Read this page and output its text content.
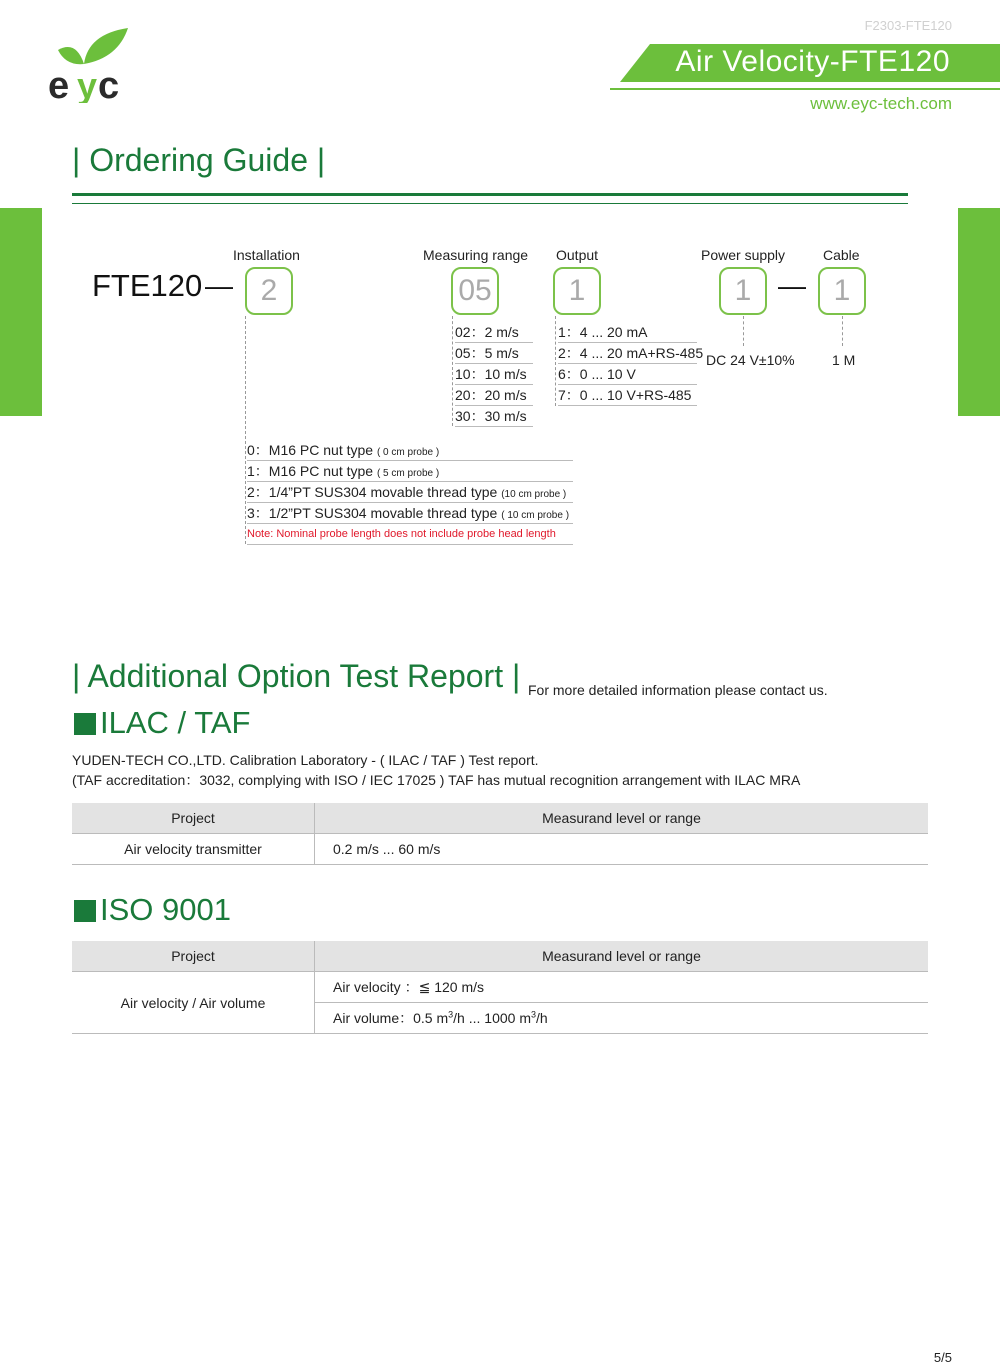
e c
y
F2303-FTE120
Air Velocity-FTE120
www.eyc-tech.com
| Ordering Guide |
Installation	Measuring range Output	Power supply	Cable
FTE120 —	—
2	05	1	1	1
02：2 m/s
05：5 m/s
10：10 m/s
20：20 m/s
30：30 m/s
1：4 ... 20 mA
2：4 ... 20 mA+RS-485
6：0 ... 10 V
7：0 ... 10 V+RS-485
DC 24 V±10%	1 M
0：M16 PC nut type ( 0 cm probe )
1：M16 PC nut type ( 5 cm probe )
2：1/4”PT SUS304 movable thread type (10 cm probe )
3：1/2”PT SUS304 movable thread type ( 10 cm probe )
Note: Nominal probe length does not include probe head length
| Additional Option Test Report | For more detailed information please contact us.
ILAC / TAF
YUDEN-TECH CO.,LTD. Calibration Laboratory - ( ILAC / TAF ) Test report.
(TAF accreditation：3032, complying with ISO / IEC 17025 ) TAF has mutual recognition arrangement with ILAC MRA
Project	Measurand level or range
Air velocity transmitter	0.2 m/s ... 60 m/s
ISO 9001
Project	Measurand level or range
Air velocity / Air volume	Air velocity ：≦ 120 m/s
	Air volume：0.5 $m^3/h$ ... 1000 $m^3/h$
5/5
